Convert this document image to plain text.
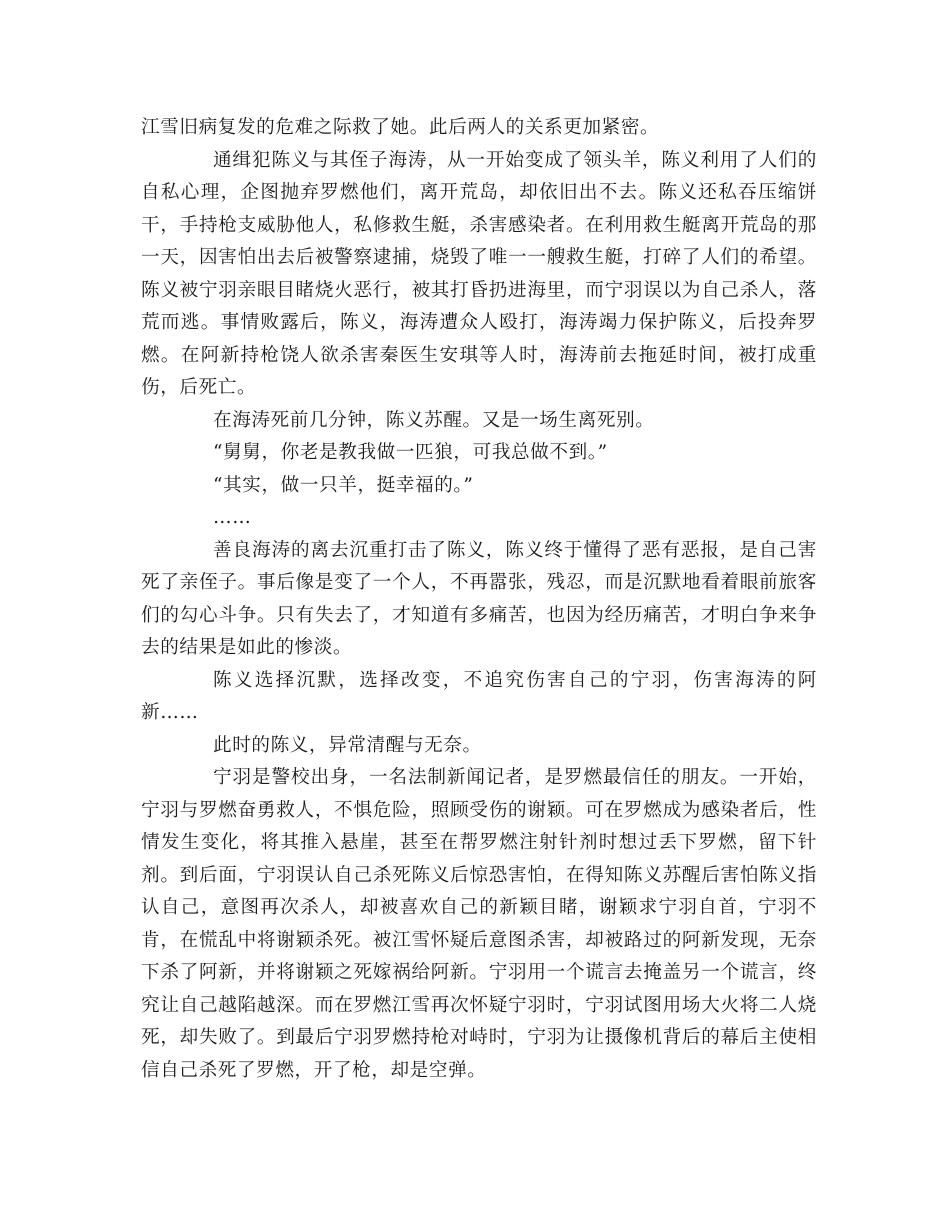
江雪旧病复发的危难之际救了她。此后两人的关系更加紧密。

通缉犯陈义与其侄子海涛，从一开始变成了领头羊，陈义利用了人们的自私心理，企图抛弃罗燃他们，离开荒岛，却依旧出不去。陈义还私吞压缩饼干，手持枪支威胁他人，私修救生艇，杀害感染者。在利用救生艇离开荒岛的那一天，因害怕出去后被警察逮捕，烧毁了唯一一艘救生艇，打碎了人们的希望。陈义被宁羽亲眼目睹烧火恶行，被其打昏扔进海里，而宁羽误以为自己杀人，落荒而逃。事情败露后，陈义，海涛遭众人殴打，海涛竭力保护陈义，后投奔罗燃。在阿新持枪饶人欲杀害秦医生安琪等人时，海涛前去拖延时间，被打成重伤，后死亡。

在海涛死前几分钟，陈义苏醒。又是一场生离死别。

“舅舅，你老是教我做一匹狼，可我总做不到。”

“其实，做一只羊，挺幸福的。”

……

善良海涛的离去沉重打击了陈义，陈义终于懂得了恶有恶报，是自己害死了亲侄子。事后像是变了一个人，不再嚣张，残忍，而是沉默地看着眼前旅客们的勾心斗争。只有失去了，才知道有多痛苦，也因为经历痛苦，才明白争来争去的结果是如此的惨淡。

陈义选择沉默，选择改变，不追究伤害自己的宁羽，伤害海涛的阿新……

此时的陈义，异常清醒与无奈。

宁羽是警校出身，一名法制新闻记者，是罗燃最信任的朋友。一开始，宁羽与罗燃奋勇救人，不惧危险，照顾受伤的谢颖。可在罗燃成为感染者后，性情发生变化，将其推入悬崖，甚至在帮罗燃注射针剂时想过丢下罗燃，留下针剂。到后面，宁羽误认自己杀死陈义后惊恐害怕，在得知陈义苏醒后害怕陈义指认自己，意图再次杀人，却被喜欢自己的新颖目睹，谢颖求宁羽自首，宁羽不肯，在慌乱中将谢颖杀死。被江雪怀疑后意图杀害，却被路过的阿新发现，无奈下杀了阿新，并将谢颖之死嫁祸给阿新。宁羽用一个谎言去掩盖另一个谎言，终究让自己越陷越深。而在罗燃江雪再次怀疑宁羽时，宁羽试图用场大火将二人烧死，却失败了。到最后宁羽罗燃持枪对峙时，宁羽为让摄像机背后的幕后主使相信自己杀死了罗燃，开了枪，却是空弹。
